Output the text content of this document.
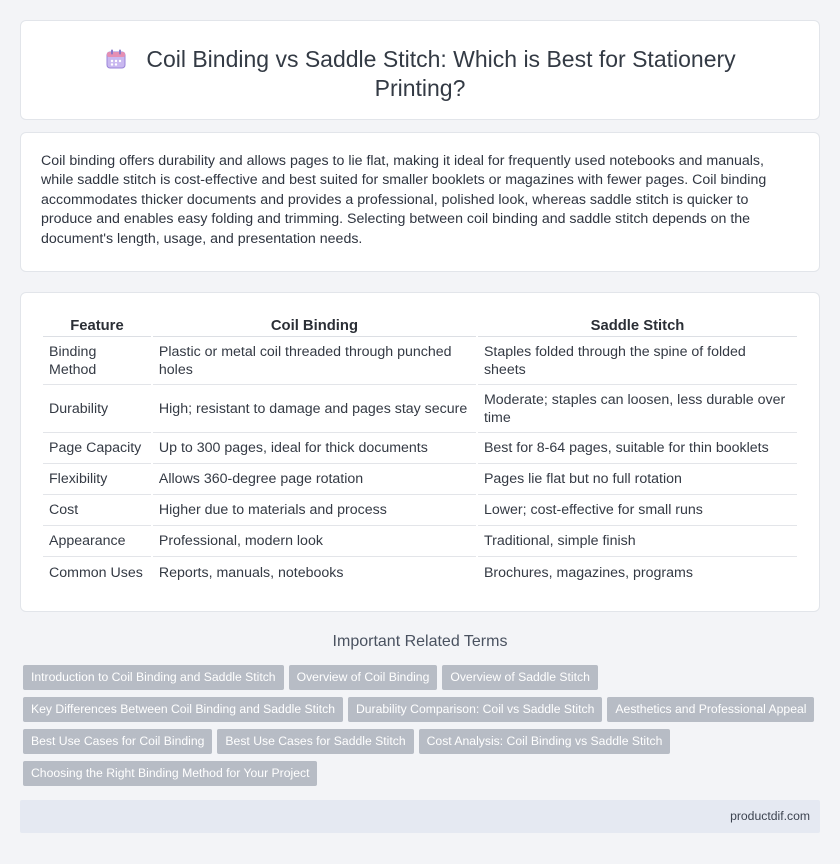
Coil Binding vs Saddle Stitch: Which is Best for Stationery Printing?

Coil binding offers durability and allows pages to lie flat, making it ideal for frequently used notebooks and manuals, while saddle stitch is cost-effective and best suited for smaller booklets or magazines with fewer pages. Coil binding accommodates thicker documents and provides a professional, polished look, whereas saddle stitch is quicker to produce and enables easy folding and trimming. Selecting between coil binding and saddle stitch depends on the document's length, usage, and presentation needs.

Feature	Coil Binding	Saddle Stitch
Binding Method	Plastic or metal coil threaded through punched holes	Staples folded through the spine of folded sheets
Durability	High; resistant to damage and pages stay secure	Moderate; staples can loosen, less durable over time
Page Capacity	Up to 300 pages, ideal for thick documents	Best for 8-64 pages, suitable for thin booklets
Flexibility	Allows 360-degree page rotation	Pages lie flat but no full rotation
Cost	Higher due to materials and process	Lower; cost-effective for small runs
Appearance	Professional, modern look	Traditional, simple finish
Common Uses	Reports, manuals, notebooks	Brochures, magazines, programs
Important Related Terms
Introduction to Coil Binding and Saddle Stitch Overview of Coil Binding Overview of Saddle Stitch
Key Differences Between Coil Binding and Saddle Stitch Durability Comparison: Coil vs Saddle Stitch Aesthetics and Professional Appeal
Best Use Cases for Coil Binding Best Use Cases for Saddle Stitch Cost Analysis: Coil Binding vs Saddle Stitch
Choosing the Right Binding Method for Your Project
productdif.com
